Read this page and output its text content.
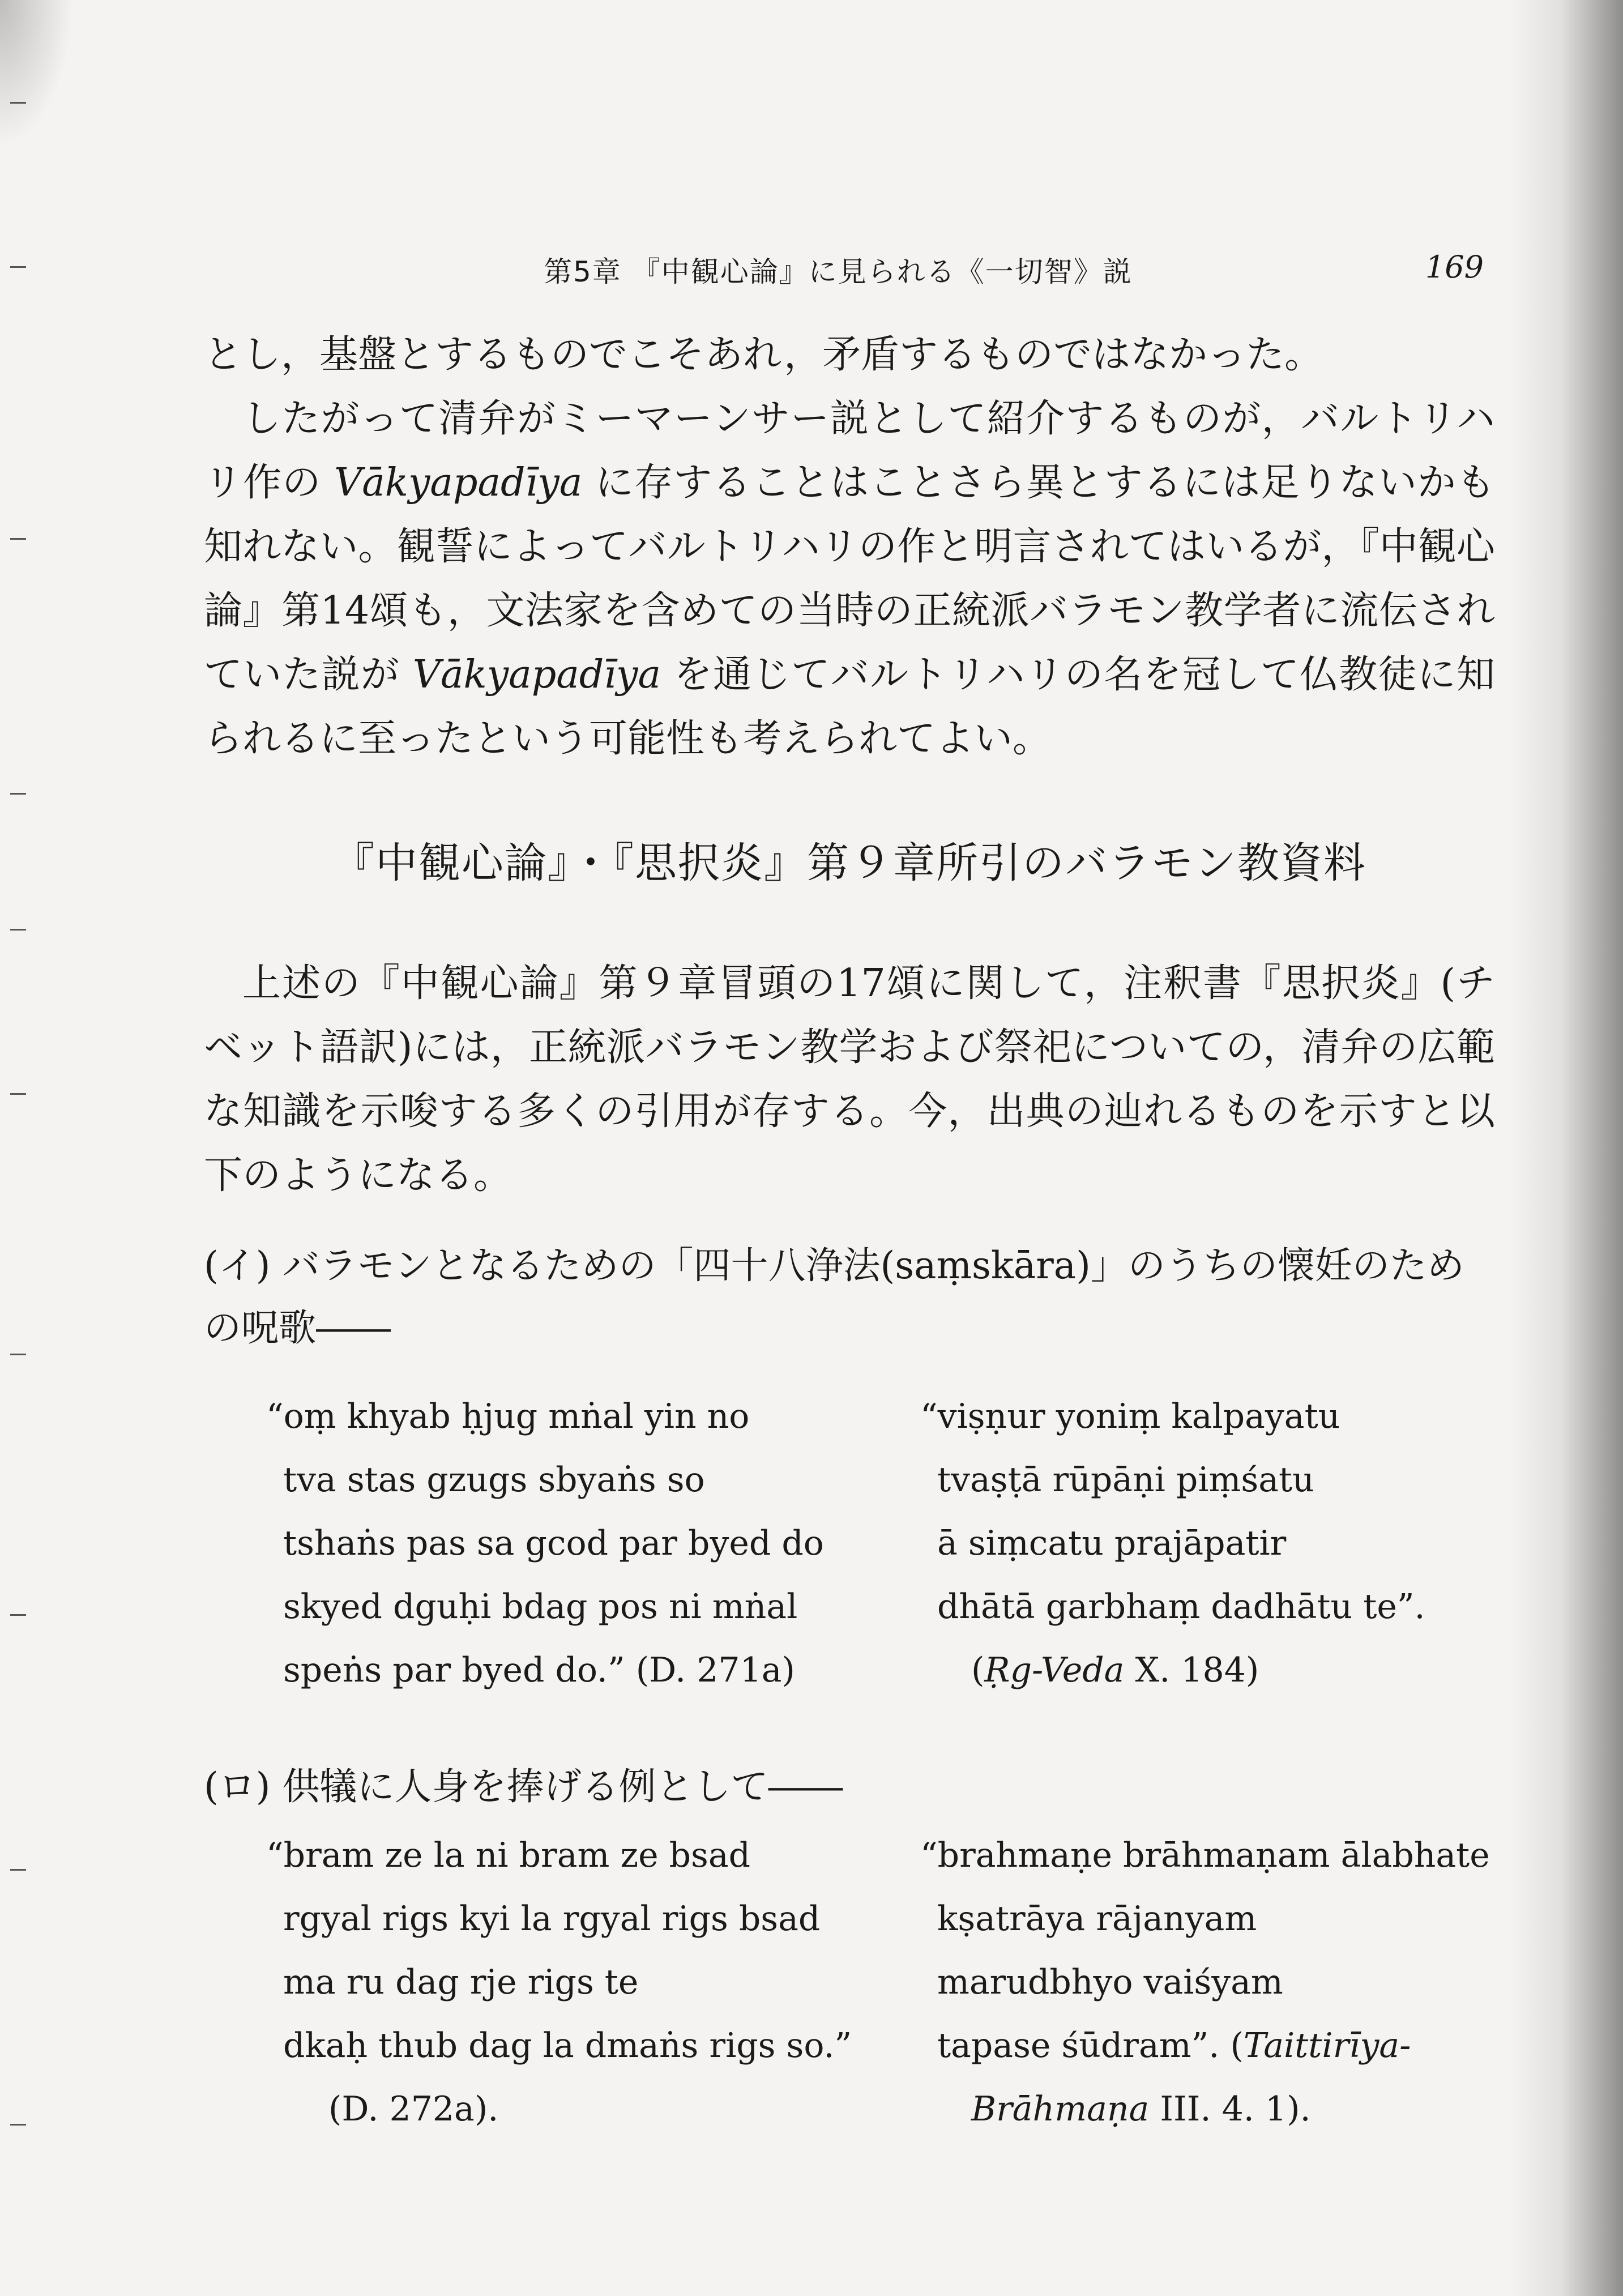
第5章 『中観心論』に見られる《一切智》説	169

とし，基盤とするものでこそあれ，矛盾するものではなかった。

したがって清弁がミーマーンサー説として紹介するものが，バルトリハリ作の Vākyapadīya に存することはことさら異とするには足りないかも知れない。観誓によってバルトリハリの作と明言されてはいるが，『中観心論』第14頌も，文法家を含めての当時の正統派バラモン教学者に流伝されていた説が Vākyapadīya を通じてバルトリハリの名を冠して仏教徒に知られるに至ったという可能性も考えられてよい。

『中観心論』・『思択炎』第９章所引のバラモン教資料

上述の『中観心論』第９章冒頭の17頌に関して，注釈書『思択炎』(チベット語訳)には，正統派バラモン教学および祭祀についての，清弁の広範な知識を示唆する多くの引用が存する。今，出典の辿れるものを示すと以下のようになる。

(イ) バラモンとなるための「四十八浄法(saṃskāra)」のうちの懐妊のための呪歌――
“oṃ khyab ḥjug mṅal yin no
tva stas gzugs sbyaṅs so
tshaṅs pas sa gcod par byed do
skyed dguḥi bdag pos ni mṅal
speṅs par byed do.” (D. 271a)
“viṣṇur yoniṃ kalpayatu
tvaṣṭā rūpāṇi piṃśatu
ā siṃcatu prajāpatir
dhātā garbhaṃ dadhātu te”.
(Ṛg-Veda X. 184)
(ロ) 供犠に人身を捧げる例として――
“bram ze la ni bram ze bsad
rgyal rigs kyi la rgyal rigs bsad
ma ru dag rje rigs te
dkaḥ thub dag la dmaṅs rigs so.”
(D. 272a).
“brahmaṇe brāhmaṇam ālabhate
kṣatrāya rājanyam
marudbhyo vaiśyam
tapase śūdram”. (Taittirīya-
Brāhmaṇa III. 4. 1).
